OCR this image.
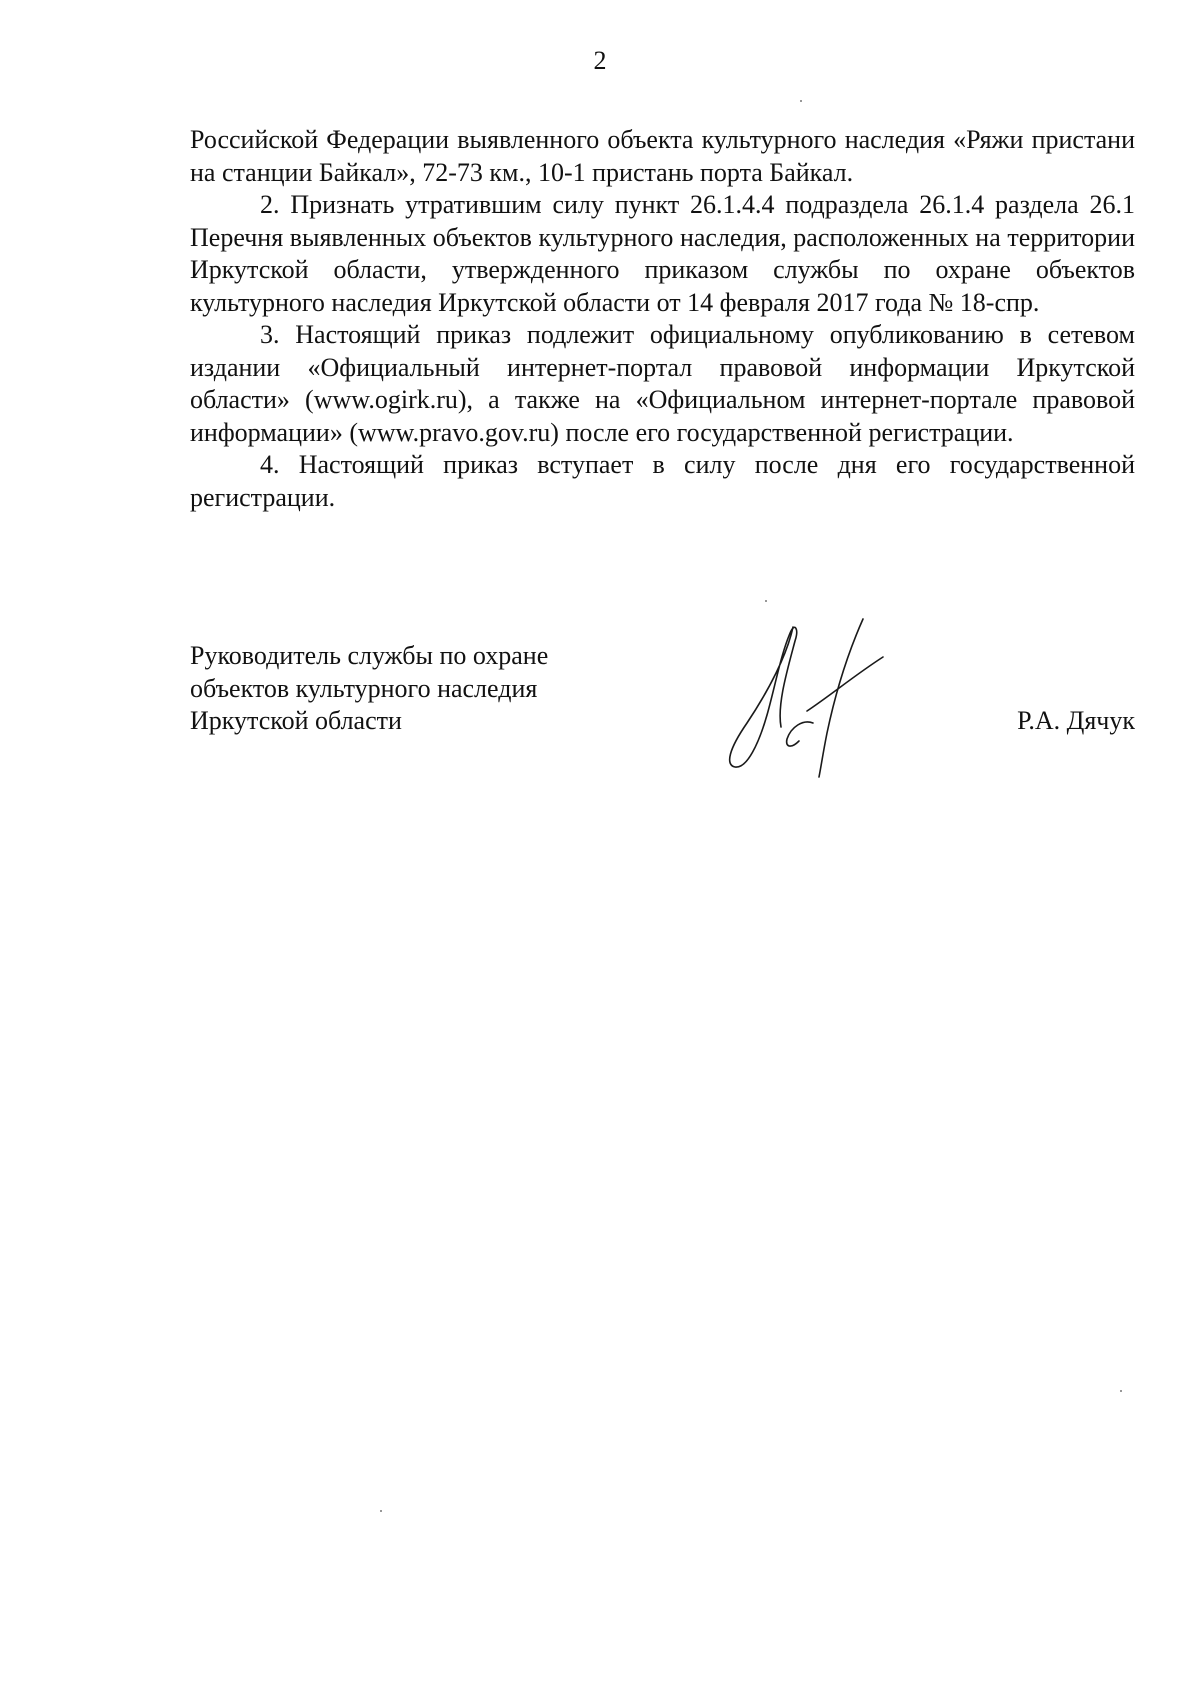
2

Российской Федерации выявленного объекта культурного наследия «Ряжи пристани на станции Байкал», 72-73 км., 10-1 пристань порта Байкал.

2. Признать утратившим силу пункт 26.1.4.4 подраздела 26.1.4 раздела 26.1 Перечня выявленных объектов культурного наследия, расположенных на территории Иркутской области, утвержденного приказом службы по охране объектов культурного наследия Иркутской области от 14 февраля 2017 года № 18-спр.

3. Настоящий приказ подлежит официальному опубликованию в сетевом издании «Официальный интернет-портал правовой информации Иркутской области» (www.ogirk.ru), а также на «Официальном интернет-портале правовой информации» (www.pravo.gov.ru) после его государственной регистрации.

4. Настоящий приказ вступает в силу после дня его государственной регистрации.

Руководитель службы по охране
объектов культурного наследия
Иркутской области	Р.А. Дячук
